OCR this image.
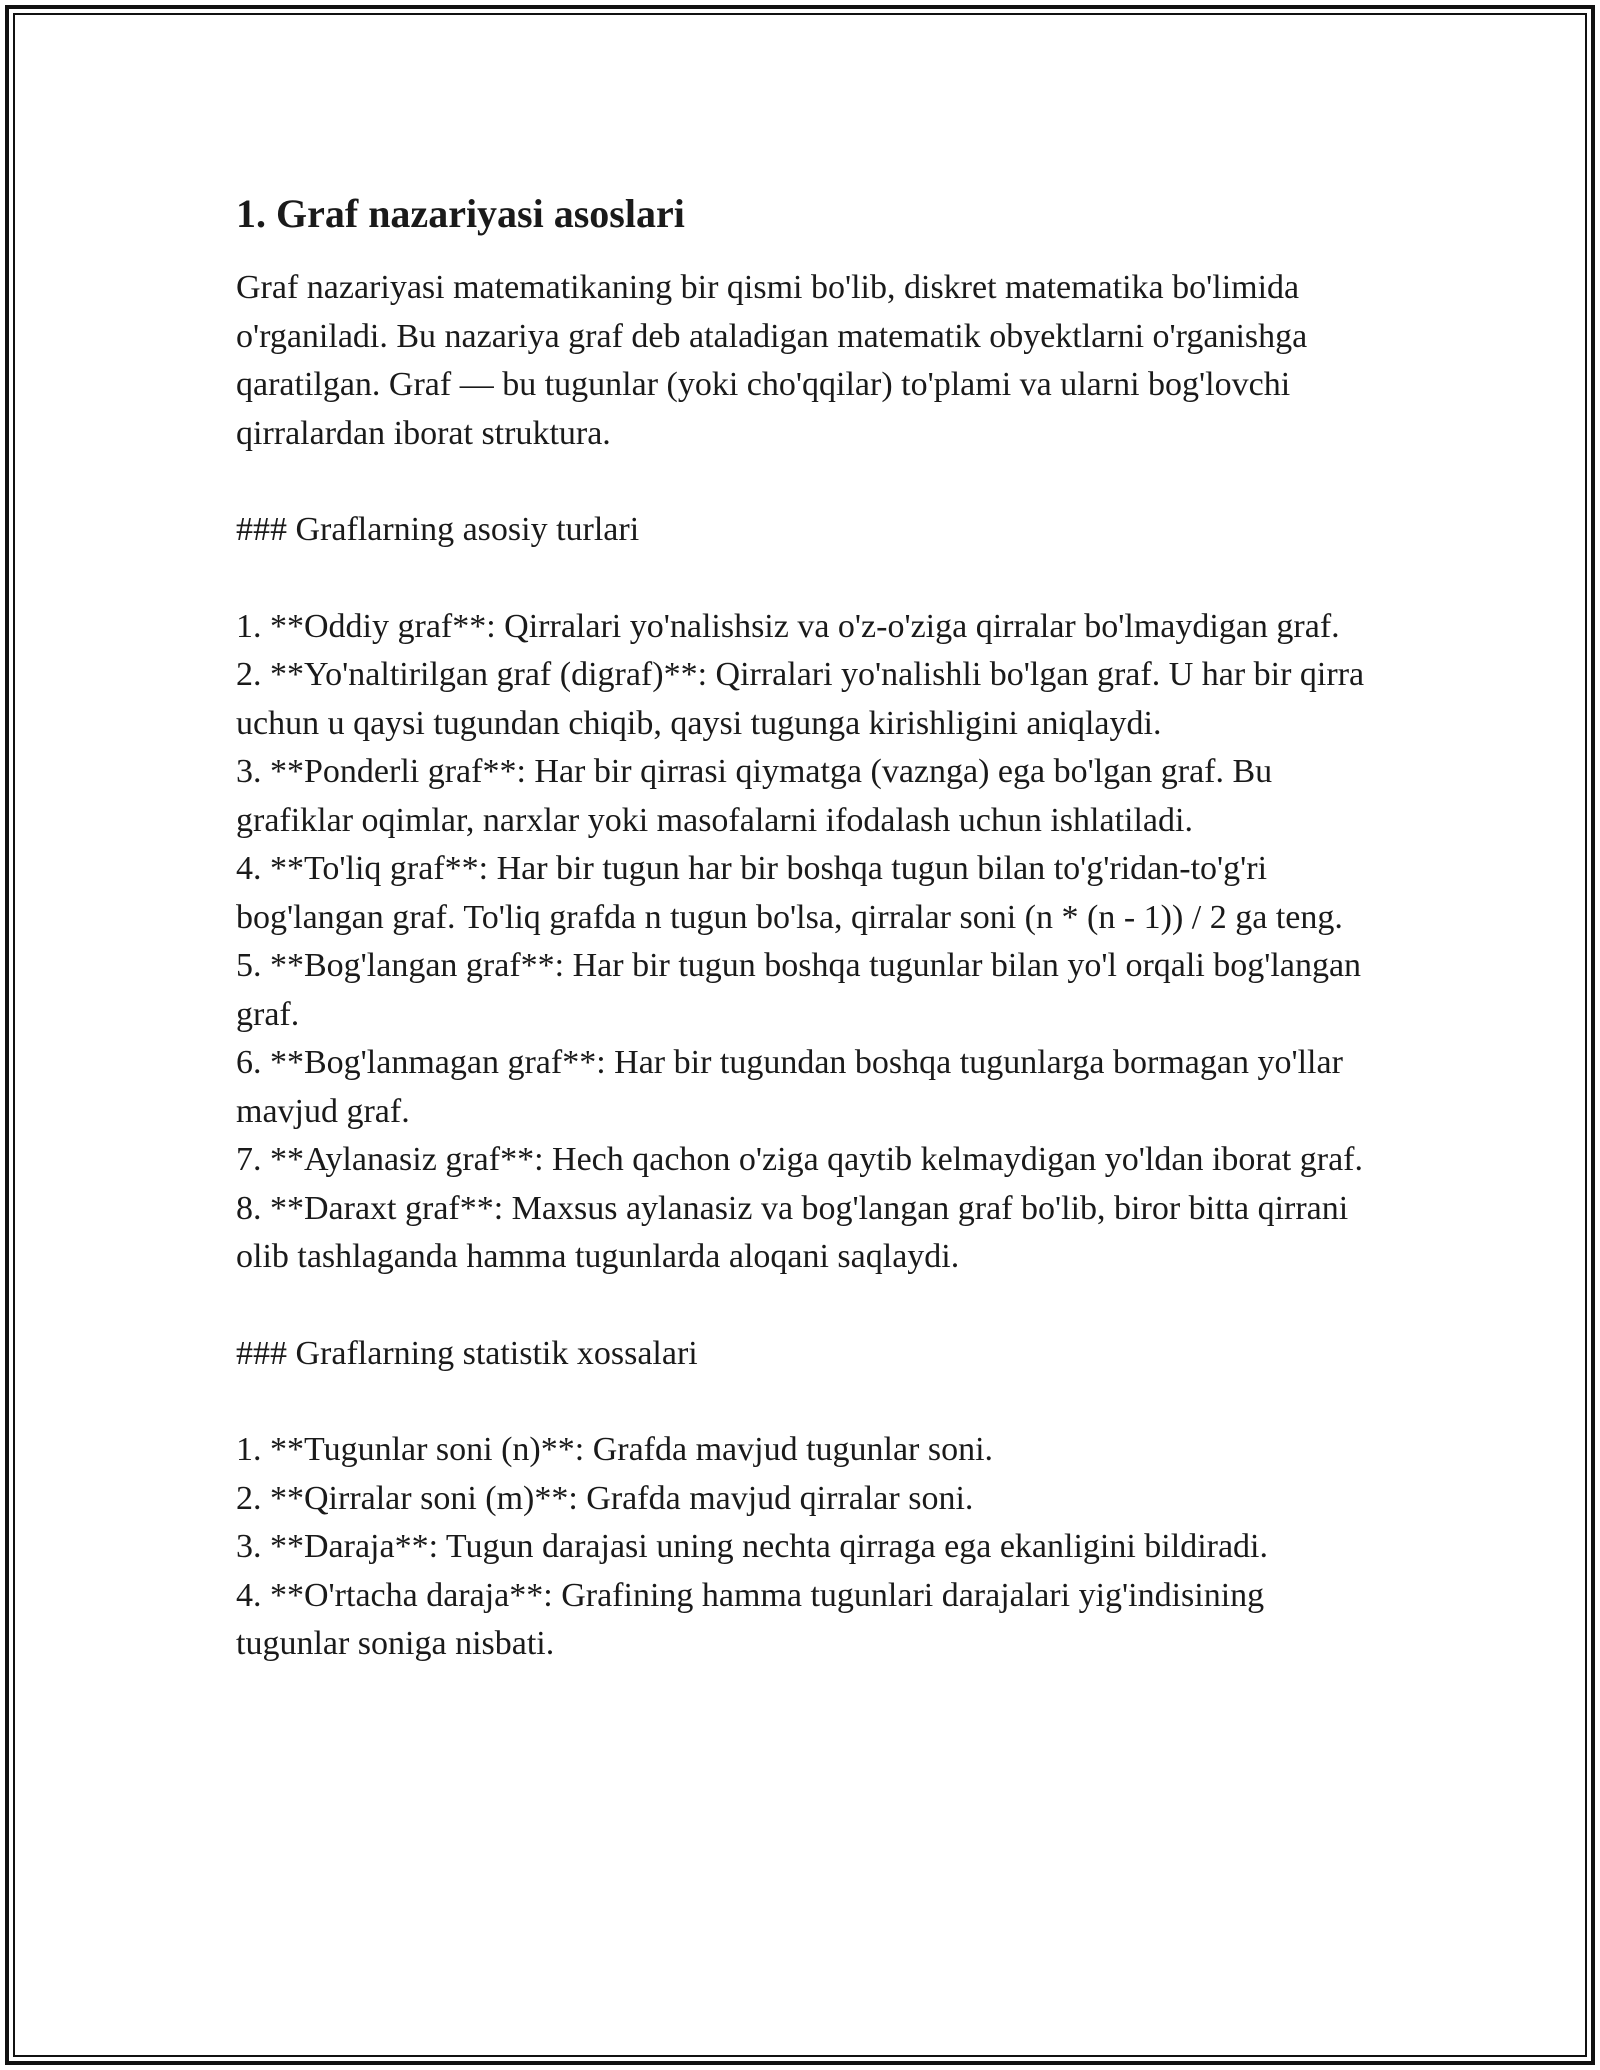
1. Graf nazariyasi asoslari

Graf nazariyasi matematikaning bir qismi bo'lib, diskret matematika bo'limida o'rganiladi. Bu nazariya graf deb ataladigan matematik obyektlarni o'rganishga qaratilgan. Graf — bu tugunlar (yoki cho'qqilar) to'plami va ularni bog'lovchi qirralardan iborat struktura.

### Graflarning asosiy turlari

1. **Oddiy graf**: Qirralari yo'nalishsiz va o'z-o'ziga qirralar bo'lmaydigan graf.
2. **Yo'naltirilgan graf (digraf)**: Qirralari yo'nalishli bo'lgan graf. U har bir qirra uchun u qaysi tugundan chiqib, qaysi tugunga kirishligini aniqlaydi.
3. **Ponderli graf**: Har bir qirrasi qiymatga (vaznga) ega bo'lgan graf. Bu grafiklar oqimlar, narxlar yoki masofalarni ifodalash uchun ishlatiladi.
4. **To'liq graf**: Har bir tugun har bir boshqa tugun bilan to'g'ridan-to'g'ri bog'langan graf. To'liq grafda n tugun bo'lsa, qirralar soni (n * (n - 1)) / 2 ga teng.
5. **Bog'langan graf**: Har bir tugun boshqa tugunlar bilan yo'l orqali bog'langan graf.
6. **Bog'lanmagan graf**: Har bir tugundan boshqa tugunlarga bormagan yo'llar mavjud graf.
7. **Aylanasiz graf**: Hech qachon o'ziga qaytib kelmaydigan yo'ldan iborat graf.
8. **Daraxt graf**: Maxsus aylanasiz va bog'langan graf bo'lib, biror bitta qirrani olib tashlaganda hamma tugunlarda aloqani saqlaydi.

### Graflarning statistik xossalari

1. **Tugunlar soni (n)**: Grafda mavjud tugunlar soni.
2. **Qirralar soni (m)**: Grafda mavjud qirralar soni.
3. **Daraja**: Tugun darajasi uning nechta qirraga ega ekanligini bildiradi.
4. **O'rtacha daraja**: Grafining hamma tugunlari darajalari yig'indisining tugunlar soniga nisbati.
